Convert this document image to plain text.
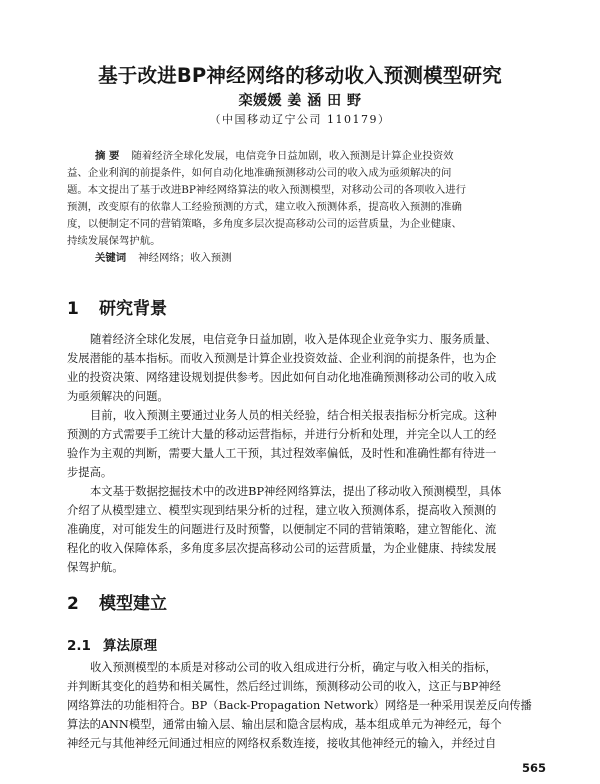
基于改进BP神经网络的移动收入预测模型研究
栾媛媛 姜 涵 田 野
（中国移动辽宁公司 110179）
摘 要 随着经济全球化发展，电信竞争日益加剧，收入预测是计算企业投资效
益、企业利润的前提条件，如何自动化地准确预测移动公司的收入成为亟须解决的问
题。本文提出了基于改进BP神经网络算法的收入预测模型，对移动公司的各项收入进行
预测，改变原有的依靠人工经验预测的方式，建立收入预测体系，提高收入预测的准确
度，以便制定不同的营销策略，多角度多层次提高移动公司的运营质量，为企业健康、
持续发展保驾护航。
关键词 神经网络；收入预测
1 研究背景
随着经济全球化发展，电信竞争日益加剧，收入是体现企业竞争实力、服务质量、
发展潜能的基本指标。而收入预测是计算企业投资效益、企业利润的前提条件，也为企
业的投资决策、网络建设规划提供参考。因此如何自动化地准确预测移动公司的收入成
为亟须解决的问题。
目前，收入预测主要通过业务人员的相关经验，结合相关报表指标分析完成。这种
预测的方式需要手工统计大量的移动运营指标，并进行分析和处理，并完全以人工的经
验作为主观的判断，需要大量人工干预，其过程效率偏低，及时性和准确性都有待进一
步提高。
本文基于数据挖掘技术中的改进BP神经网络算法，提出了移动收入预测模型，具体
介绍了从模型建立、模型实现到结果分析的过程，建立收入预测体系，提高收入预测的
准确度，对可能发生的问题进行及时预警，以便制定不同的营销策略，建立智能化、流
程化的收入保障体系，多角度多层次提高移动公司的运营质量，为企业健康、持续发展
保驾护航。
2 模型建立
2.1 算法原理
收入预测模型的本质是对移动公司的收入组成进行分析，确定与收入相关的指标，
并判断其变化的趋势和相关属性，然后经过训练，预测移动公司的收入，这正与BP神经
网络算法的功能相符合。BP（Back-Propagation Network）网络是一种采用误差反向传播
算法的ANN模型，通常由输入层、输出层和隐含层构成，基本组成单元为神经元，每个
神经元与其他神经元间通过相应的网络权系数连接，接收其他神经元的输入，并经过自
565
